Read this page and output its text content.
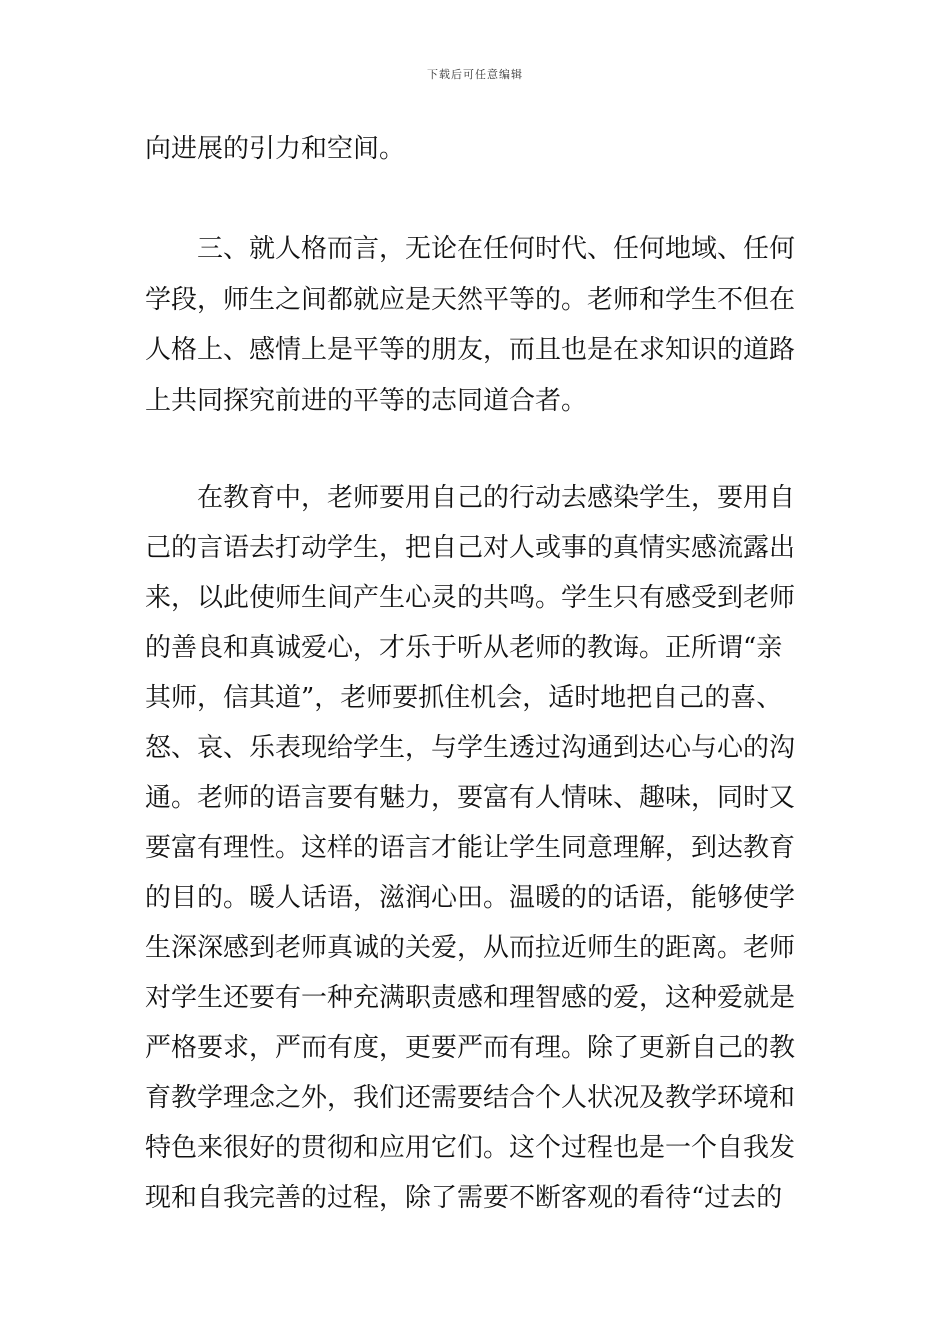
下载后可任意编辑
向进展的引力和空间。
　　三、就人格而言，无论在任何时代、任何地域、任何
学段，师生之间都就应是天然平等的。老师和学生不但在
人格上、感情上是平等的朋友，而且也是在求知识的道路
上共同探究前进的平等的志同道合者。
　　在教育中，老师要用自己的行动去感染学生，要用自
己的言语去打动学生，把自己对人或事的真情实感流露出
来，以此使师生间产生心灵的共鸣。学生只有感受到老师
的善良和真诚爱心，才乐于听从老师的教诲。正所谓“亲
其师，信其道”，老师要抓住机会，适时地把自己的喜、
怒、哀、乐表现给学生，与学生透过沟通到达心与心的沟
通。老师的语言要有魅力，要富有人情味、趣味，同时又
要富有理性。这样的语言才能让学生同意理解，到达教育
的目的。暖人话语，滋润心田。温暖的的话语，能够使学
生深深感到老师真诚的关爱，从而拉近师生的距离。老师
对学生还要有一种充满职责感和理智感的爱，这种爱就是
严格要求，严而有度，更要严而有理。除了更新自己的教
育教学理念之外，我们还需要结合个人状况及教学环境和
特色来很好的贯彻和应用它们。这个过程也是一个自我发
现和自我完善的过程，除了需要不断客观的看待“过去的
